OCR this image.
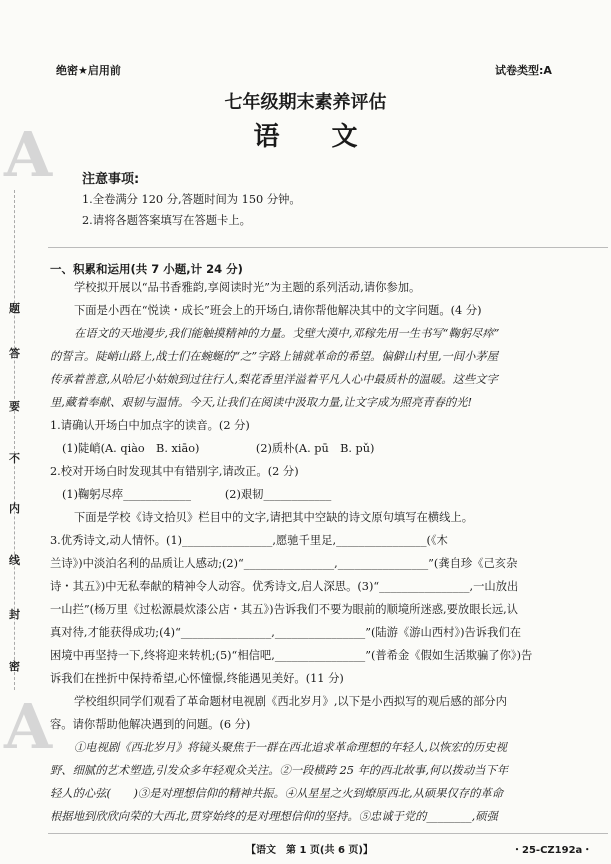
A
A
题
答
要
不
内
线
封
密
绝密★启用前	试卷类型:A
七年级期末素养评估
语　　文
注意事项:
1.全卷满分 120 分,答题时间为 150 分钟。
2.请将各题答案填写在答题卡上。
一、积累和运用(共 7 小题,计 24 分)
学校拟开展以“品书香雅韵,享阅读时光”为主题的系列活动,请你参加。
下面是小西在“悦读・成长”班会上的开场白,请你帮他解决其中的文字问题。(4 分)
在语文的天地漫步,我们能触摸精神的力量。戈壁大漠中,邓稼先用一生书写“鞠躬尽瘁”
的誓言。陡峭山路上,战士们在蜿蜒的“之”字路上铺就革命的希望。偏僻山村里,一间小茅屋
传承着善意,从哈尼小姑娘到过往行人,梨花香里洋溢着平凡人心中最质朴的温暖。这些文字
里,藏着奉献、艰韧与温情。今天,让我们在阅读中汲取力量,让文字成为照亮青春的光!
1.请确认开场白中加点字的读音。(2 分)
(1)陡峭(A. qiào　B. xiāo)　　　　　(2)质朴(A. pū　B. pǔ)
2.校对开场白时发现其中有错别字,请改正。(2 分)
(1)鞠躬尽瘁____________　　　(2)艰韧____________
下面是学校《诗文拾贝》栏目中的文字,请把其中空缺的诗文原句填写在横线上。
3.优秀诗文,动人情怀。(1)________________,愿驰千里足,________________(《木
兰诗》)中淡泊名利的品质让人感动;(2)“________________,________________”(龚自珍《己亥杂
诗・其五》)中无私奉献的精神令人动容。优秀诗文,启人深思。(3)“________________,一山放出
一山拦”(杨万里《过松源晨炊漆公店・其五》)告诉我们不要为眼前的顺境所迷惑,要放眼长远,认
真对待,才能获得成功;(4)“________________,________________”(陆游《游山西村》)告诉我们在
困境中再坚持一下,终将迎来转机;(5)“相信吧,________________”(普希金《假如生活欺骗了你》)告
诉我们在挫折中保持希望,心怀憧憬,终能遇见美好。(11 分)
学校组织同学们观看了革命题材电视剧《西北岁月》,以下是小西拟写的观后感的部分内
容。请你帮助他解决遇到的问题。(6 分)
①电视剧《西北岁月》将镜头聚焦于一群在西北追求革命理想的年轻人,以恢宏的历史视
野、细腻的艺术塑造,引发众多年轻观众关注。②一段横跨 25 年的西北故事,何以拨动当下年
轻人的心弦(　　)③是对理想信仰的精神共振。④从星星之火到燎原西北,从硕果仅存的革命
根据地到欣欣向荣的大西北,贯穿始终的是对理想信仰的坚持。⑤忠诚于党的________,硕强
【语文　第 1 页(共 6 页)】	・25-CZ192a・
